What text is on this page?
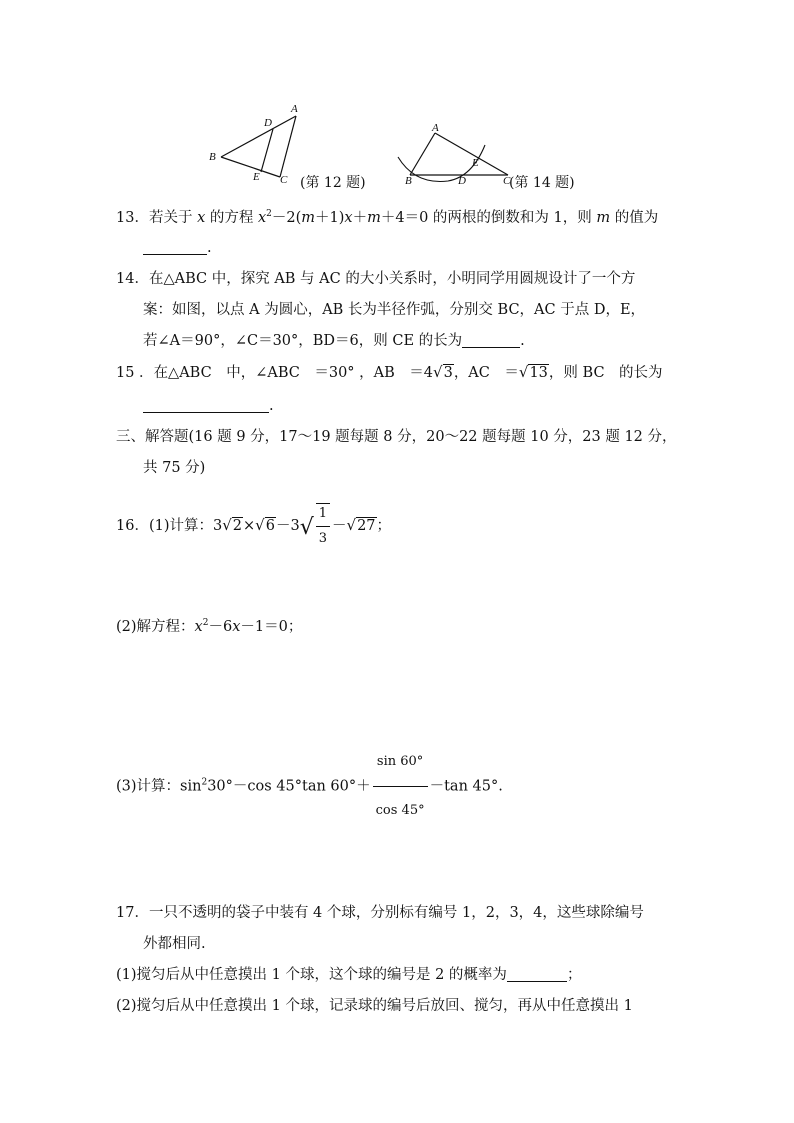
A
D
B
E C (第 12 题)
A
E
B	D	C
(第 14 题)
13．若关于 x 的方程 $x^2-2(m+1)x+m+4=0$ 的两根的倒数和为 1，则 m 的值为
.
14．在△ABC 中，探究 AB 与 AC 的大小关系时，小明同学用圆规设计了一个方
案：如图，以点 A 为圆心，AB 长为半径作弧，分别交 BC，AC 于点 D，E，
若∠A＝90°，∠C＝30°，BD＝6，则 CE 的长为	.
15 ．在△ABC　中，∠ABC　＝30° ，AB　＝4√3，AC　＝√13，则 BC　的长为
.
三、解答题(16 题 9 分，17～19 题每题 8 分，20～22 题每题 10 分，23 题 12 分，
共 75 分)
16．(1)计算：$3√2\times√6-3√ \frac{1}{3} -√27$；
(2)解方程：$x^2-6x-1=0$；
(3)计算：$\sin^230^\circ-\cos$ 45°tan $60^\circ+ \frac{\sin 60^\circ}{\cos 45^\circ} -\tan$ 45°.
17．一只不透明的袋子中装有 4 个球，分别标有编号 1，2，3，4，这些球除编号
外都相同.
(1)搅匀后从中任意摸出 1 个球，这个球的编号是 2 的概率为	；
(2)搅匀后从中任意摸出 1 个球，记录球的编号后放回、搅匀，再从中任意摸出 1
